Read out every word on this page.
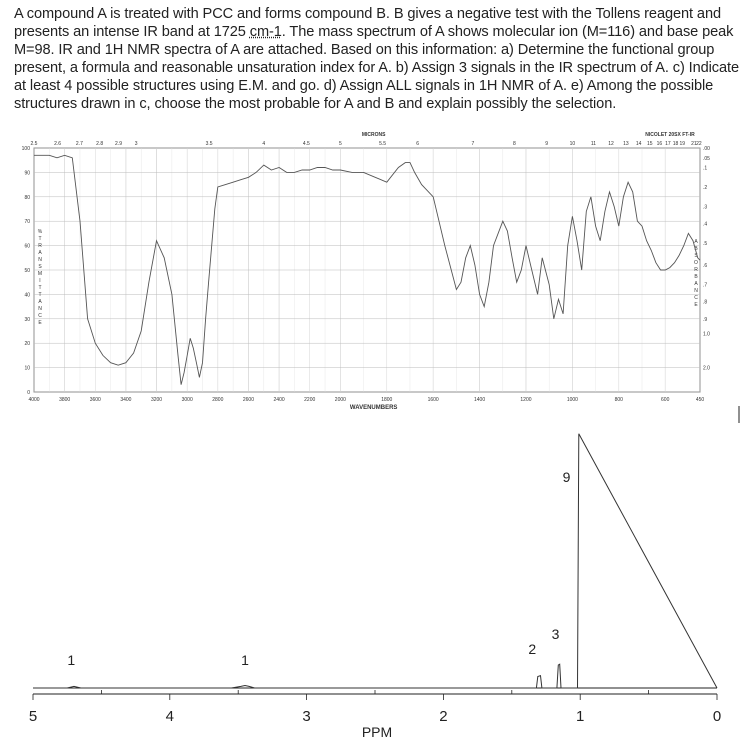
A compound A is treated with PCC and forms compound B. B gives a negative test with the Tollens reagent and presents an intense IR band at 1725 cm-1. The mass spectrum of A shows molecular ion (M=116) and base peak M=98. IR and 1H NMR spectra of A are attached. Based on this information: a) Determine the functional group present, a formula and reasonable unsaturation index for A. b) Assign 3 signals in the IR spectrum of A. c) Indicate at least 4 possible structures using E.M. and go. d) Assign ALL signals in 1H NMR of A. e) Among the possible structures drawn in c, choose the most probable for A and B and explain possibly the selection.
4000	3800	3600	3400	3200	3000	2800	2600	2400	2200	2000	1800	1600	1400	1200	1000	800	600	450
100
90
80
70
60
50
40
30
20
10
0
2.5	2.6	2.7	2.8 2.9	3	3.5	4	4.5	5	5.5	6	7	8	9	10	11 12 13 14 15 16 17 18 19 21 22
MICRONS	NICOLET 20SX FT-IR
WAVENUMBERS
.00
.05
.1
.2
.3
.4
.5
.6
.7
.8
.9
1.0
2.0
%
T
R
A
N
S
M
I
T
T
A
N
C
E
A
B
S
O
R
B
A
N
C
E
5	4	3	2	1	0
PPM
1	1
2
3
9
